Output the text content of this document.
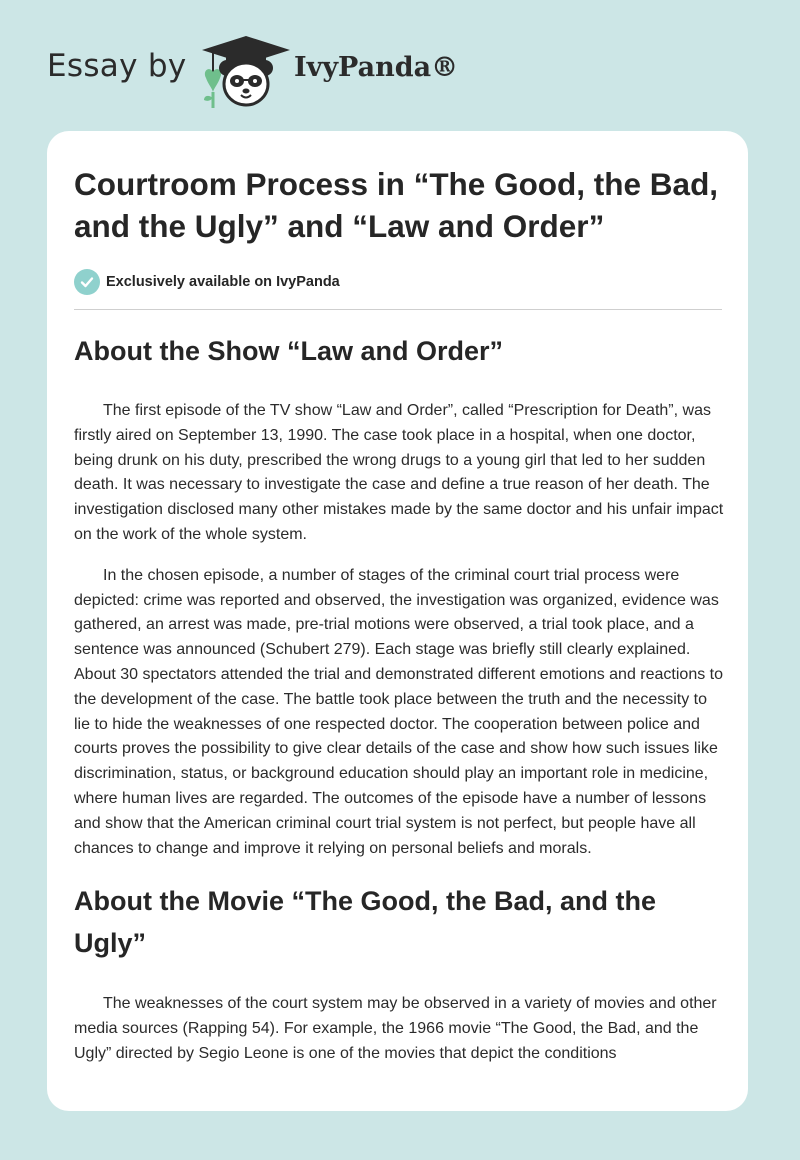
Essay by	IvyPanda®
Courtroom Process in “The Good, the Bad, and the Ugly” and “Law and Order”
Exclusively available on IvyPanda
About the Show “Law and Order”

The first episode of the TV show “Law and Order”, called “Prescription for Death”, was firstly aired on September 13, 1990. The case took place in a hospital, when one doctor, being drunk on his duty, prescribed the wrong drugs to a young girl that led to her sudden death. It was necessary to investigate the case and define a true reason of her death. The investigation disclosed many other mistakes made by the same doctor and his unfair impact on the work of the whole system.

In the chosen episode, a number of stages of the criminal court trial process were depicted: crime was reported and observed, the investigation was organized, evidence was gathered, an arrest was made, pre-trial motions were observed, a trial took place, and a sentence was announced (Schubert 279). Each stage was briefly still clearly explained. About 30 spectators attended the trial and demonstrated different emotions and reactions to the development of the case. The battle took place between the truth and the necessity to lie to hide the weaknesses of one respected doctor. The cooperation between police and courts proves the possibility to give clear details of the case and show how such issues like discrimination, status, or background education should play an important role in medicine, where human lives are regarded. The outcomes of the episode have a number of lessons and show that the American criminal court trial system is not perfect, but people have all chances to change and improve it relying on personal beliefs and morals.

About the Movie “The Good, the Bad, and the Ugly”

The weaknesses of the court system may be observed in a variety of movies and other media sources (Rapping 54). For example, the 1966 movie “The Good, the Bad, and the Ugly” directed by Segio Leone is one of the movies that depict the conditions
